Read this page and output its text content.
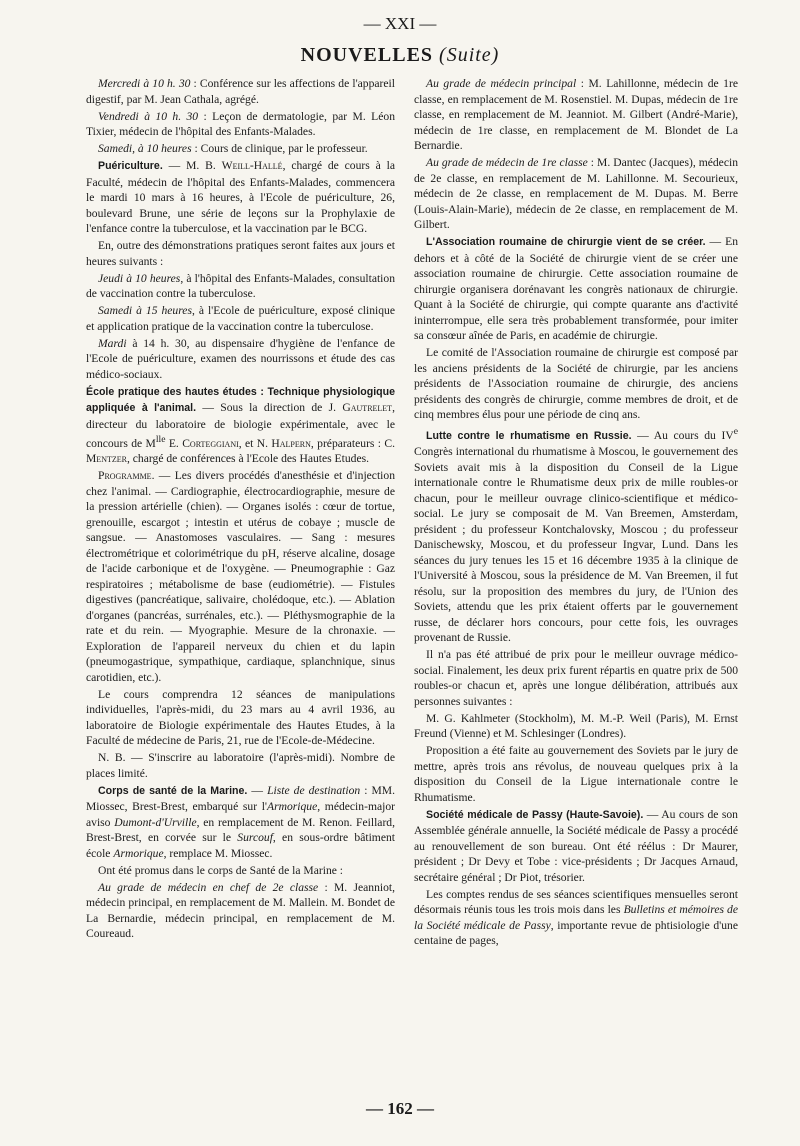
— XXI —
NOUVELLES (Suite)

Mercredi à 10 h. 30 : Conférence sur les affections de l'appareil digestif, par M. Jean Cathala, agrégé.

Vendredi à 10 h. 30 : Leçon de dermatologie, par M. Léon Tixier, médecin de l'hôpital des Enfants-Malades.

Samedi, à 10 heures : Cours de clinique, par le professeur.

Puériculture. — M. B. Weill-Hallé, chargé de cours à la Faculté, médecin de l'hôpital des Enfants-Malades, commencera le mardi 10 mars à 16 heures, à l'Ecole de puériculture, 26, boulevard Brune, une série de leçons sur la Prophylaxie de l'enfance contre la tuberculose, et la vaccination par le BCG.

En, outre des démonstrations pratiques seront faites aux jours et heures suivants :

Jeudi à 10 heures, à l'hôpital des Enfants-Malades, consultation de vaccination contre la tuberculose.

Samedi à 15 heures, à l'Ecole de puériculture, exposé clinique et application pratique de la vaccination contre la tuberculose.

Mardi à 14 h. 30, au dispensaire d'hygiène de l'enfance de l'Ecole de puériculture, examen des nourrissons et étude des cas médico-sociaux.

École pratique des hautes études : Technique physiologique appliquée à l'animal. — Sous la direction de J. Gautrelet, directeur du laboratoire de biologie expérimentale, avec le concours de $M^{lle}$ E. Corteggiani, et N. Halpern, préparateurs : C. Mentzer, chargé de conférences à l'Ecole des Hautes Etudes.

Programme. — Les divers procédés d'anesthésie et d'injection chez l'animal. — Cardiographie, électrocardiographie, mesure de la pression artérielle (chien). — Organes isolés : cœur de tortue, grenouille, escargot ; intestin et utérus de cobaye ; muscle de sangsue. — Anastomoses vasculaires. — Sang : mesures électrométrique et colorimétrique du pH, réserve alcaline, dosage de l'acide carbonique et de l'oxygène. — Pneumographie : Gaz respiratoires ; métabolisme de base (eudiométrie). — Fistules digestives (pancréatique, salivaire, cholédoque, etc.). — Ablation d'organes (pancréas, surrénales, etc.). — Pléthysmographie de la rate et du rein. — Myographie. Mesure de la chronaxie. — Exploration de l'appareil nerveux du chien et du lapin (pneumogastrique, sympathique, cardiaque, splanchnique, sinus carotidien, etc.).

Le cours comprendra 12 séances de manipulations individuelles, l'après-midi, du 23 mars au 4 avril 1936, au laboratoire de Biologie expérimentale des Hautes Etudes, à la Faculté de médecine de Paris, 21, rue de l'Ecole-de-Médecine.

N. B. — S'inscrire au laboratoire (l'après-midi). Nombre de places limité.

Corps de santé de la Marine. — Liste de destination : MM. Miossec, Brest-Brest, embarqué sur l'Armorique, médecin-major aviso Dumont-d'Urville, en remplacement de M. Renon. Feillard, Brest-Brest, en corvée sur le Surcouf, en sous-ordre bâtiment école Armorique, remplace M. Miossec.

Ont été promus dans le corps de Santé de la Marine :

Au grade de médecin en chef de 2e classe : M. Jeanniot, médecin principal, en remplacement de M. Mallein. M. Bondet de La Bernardie, médecin principal, en remplacement de M. Coureaud.

Au grade de médecin principal : M. Lahillonne, médecin de 1re classe, en remplacement de M. Rosenstiel. M. Dupas, médecin de 1re classe, en remplacement de M. Jeanniot. M. Gilbert (André-Marie), médecin de 1re classe, en remplacement de M. Blondet de La Bernardie.

Au grade de médecin de 1re classe : M. Dantec (Jacques), médecin de 2e classe, en remplacement de M. Lahillonne. M. Secourieux, médecin de 2e classe, en remplacement de M. Dupas. M. Berre (Louis-Alain-Marie), médecin de 2e classe, en remplacement de M. Gilbert.

L'Association roumaine de chirurgie vient de se créer. — En dehors et à côté de la Société de chirurgie vient de se créer une association roumaine de chirurgie. Cette association roumaine de chirurgie organisera dorénavant les congrès nationaux de chirurgie. Quant à la Société de chirurgie, qui compte quarante ans d'activité ininterrompue, elle sera très probablement transformée, pour imiter sa consœur aînée de Paris, en académie de chirurgie.

Le comité de l'Association roumaine de chirurgie est composé par les anciens présidents de la Société de chirurgie, par les anciens présidents de l'Association roumaine de chirurgie, des anciens présidents des congrès de chirurgie, comme membres de droit, et de cinq membres élus pour une période de cinq ans.

Lutte contre le rhumatisme en Russie. — Au cours du IVe Congrès international du rhumatisme à Moscou, le gouvernement des Soviets avait mis à la disposition du Conseil de la Ligue internationale contre le Rhumatisme deux prix de mille roubles-or chacun, pour le meilleur ouvrage clinico-scientifique et médico-social. Le jury se composait de M. Van Breemen, Amsterdam, président ; du professeur Kontchalovsky, Moscou ; du professeur Danischewsky, Moscou, et du professeur Ingvar, Lund. Dans les séances du jury tenues les 15 et 16 décembre 1935 à la clinique de l'Université à Moscou, sous la présidence de M. Van Breemen, il fut résolu, sur la proposition des membres du jury, de l'Union des Soviets, attendu que les prix étaient offerts par le gouvernement russe, de déclarer hors concours, pour cette fois, les ouvrages provenant de Russie.

Il n'a pas été attribué de prix pour le meilleur ouvrage médico-social. Finalement, les deux prix furent répartis en quatre prix de 500 roubles-or chacun et, après une longue délibération, attribués aux personnes suivantes :

M. G. Kahlmeter (Stockholm), M. M.-P. Weil (Paris), M. Ernst Freund (Vienne) et M. Schlesinger (Londres).

Proposition a été faite au gouvernement des Soviets par le jury de mettre, après trois ans révolus, de nouveau quelques prix à la disposition du Conseil de la Ligue internationale contre le Rhumatisme.

Société médicale de Passy (Haute-Savoie). — Au cours de son Assemblée générale annuelle, la Société médicale de Passy a procédé au renouvellement de son bureau. Ont été réélus : Dr Maurer, président ; Dr Devy et Tobe : vice-présidents ; Dr Jacques Arnaud, secrétaire général ; Dr Piot, trésorier.

Les comptes rendus de ses séances scientifiques mensuelles seront désormais réunis tous les trois mois dans les Bulletins et mémoires de la Société médicale de Passy, importante revue de phtisiologie d'une centaine de pages,

— 162 —
